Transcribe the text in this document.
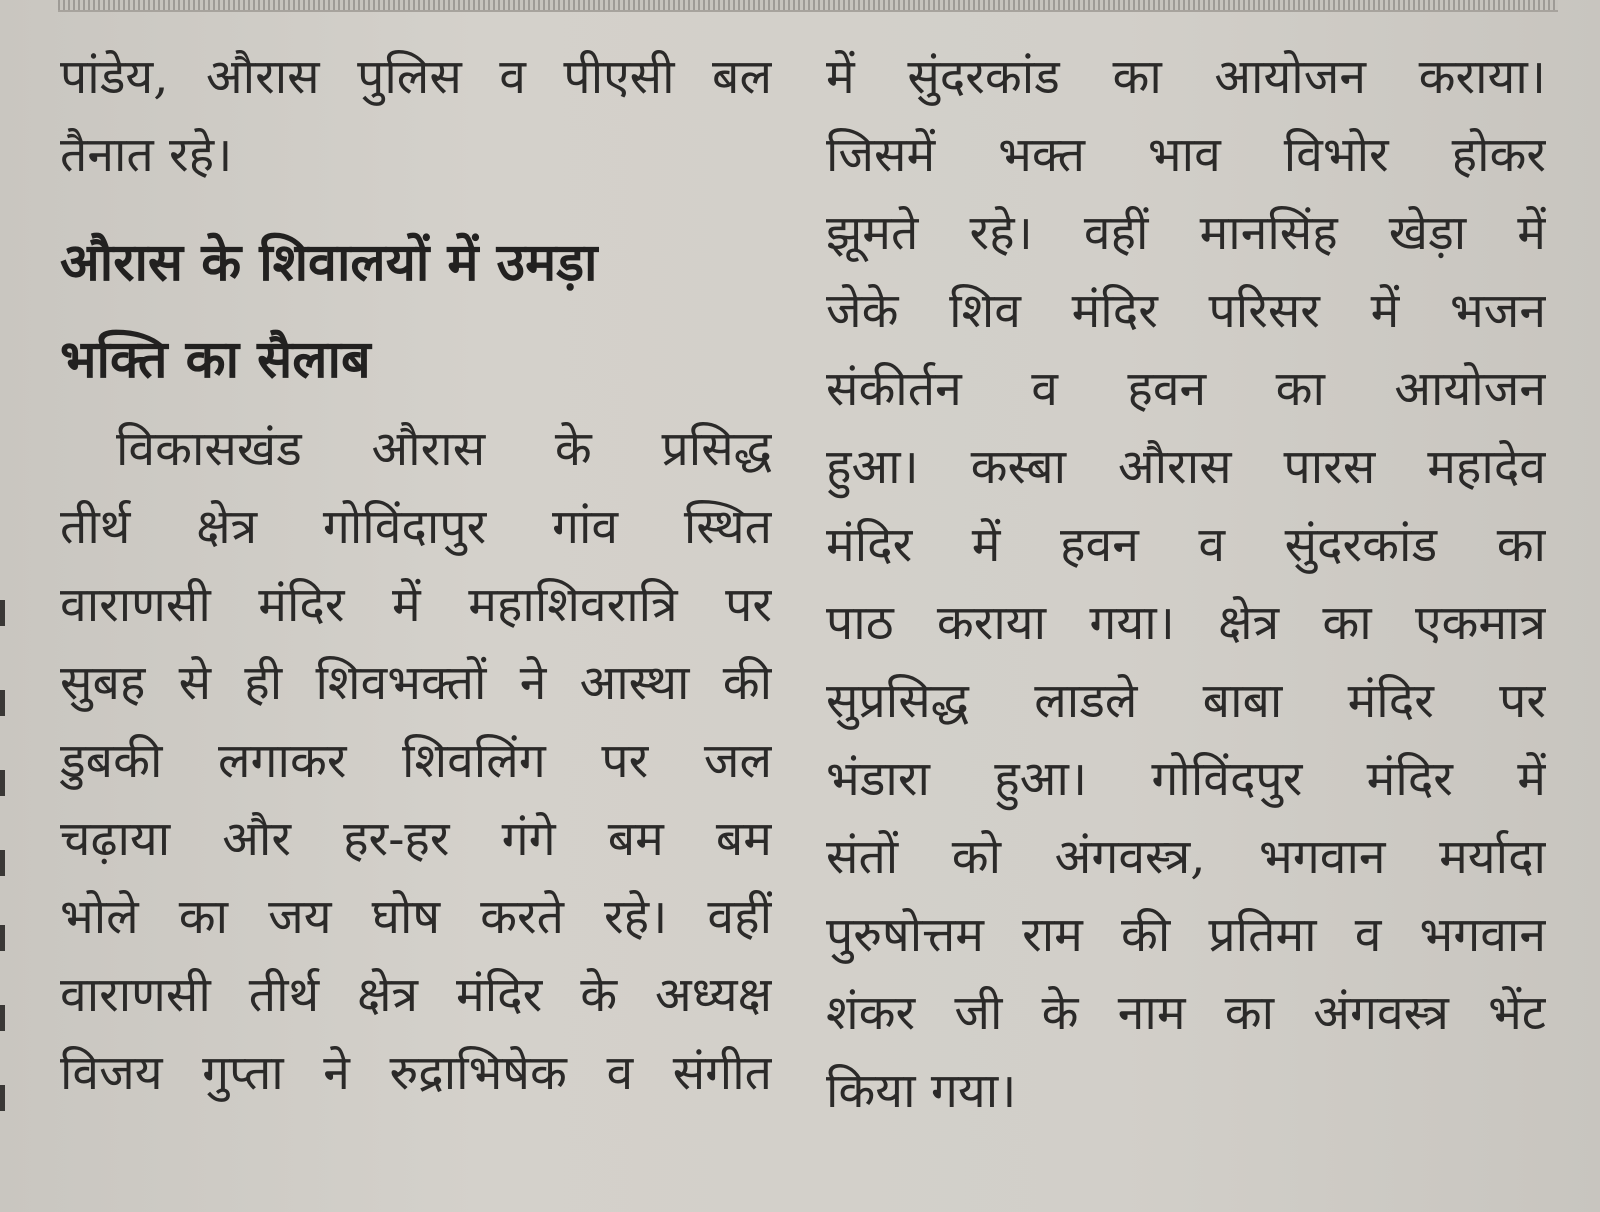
पांडेय, औरास पुलिस व पीएसी बल
तैनात रहे।
औरास के शिवालयों में उमड़ा
भक्ति का सैलाब
विकासखंड औरास के प्रसिद्ध
तीर्थ क्षेत्र गोविंदापुर गांव स्थित
वाराणसी मंदिर में महाशिवरात्रि पर
सुबह से ही शिवभक्तों ने आस्था की
डुबकी लगाकर शिवलिंग पर जल
चढ़ाया और हर-हर गंगे बम बम
भोले का जय घोष करते रहे। वहीं
वाराणसी तीर्थ क्षेत्र मंदिर के अध्यक्ष
विजय गुप्ता ने रुद्राभिषेक व संगीत
में सुंदरकांड का आयोजन कराया।
जिसमें भक्त भाव विभोर होकर
झूमते रहे। वहीं मानसिंह खेड़ा में
जेके शिव मंदिर परिसर में भजन
संकीर्तन व हवन का आयोजन
हुआ। कस्बा औरास पारस महादेव
मंदिर में हवन व सुंदरकांड का
पाठ कराया गया। क्षेत्र का एकमात्र
सुप्रसिद्ध लाडले बाबा मंदिर पर
भंडारा हुआ। गोविंदपुर मंदिर में
संतों को अंगवस्त्र, भगवान मर्यादा
पुरुषोत्तम राम की प्रतिमा व भगवान
शंकर जी के नाम का अंगवस्त्र भेंट
किया गया।
